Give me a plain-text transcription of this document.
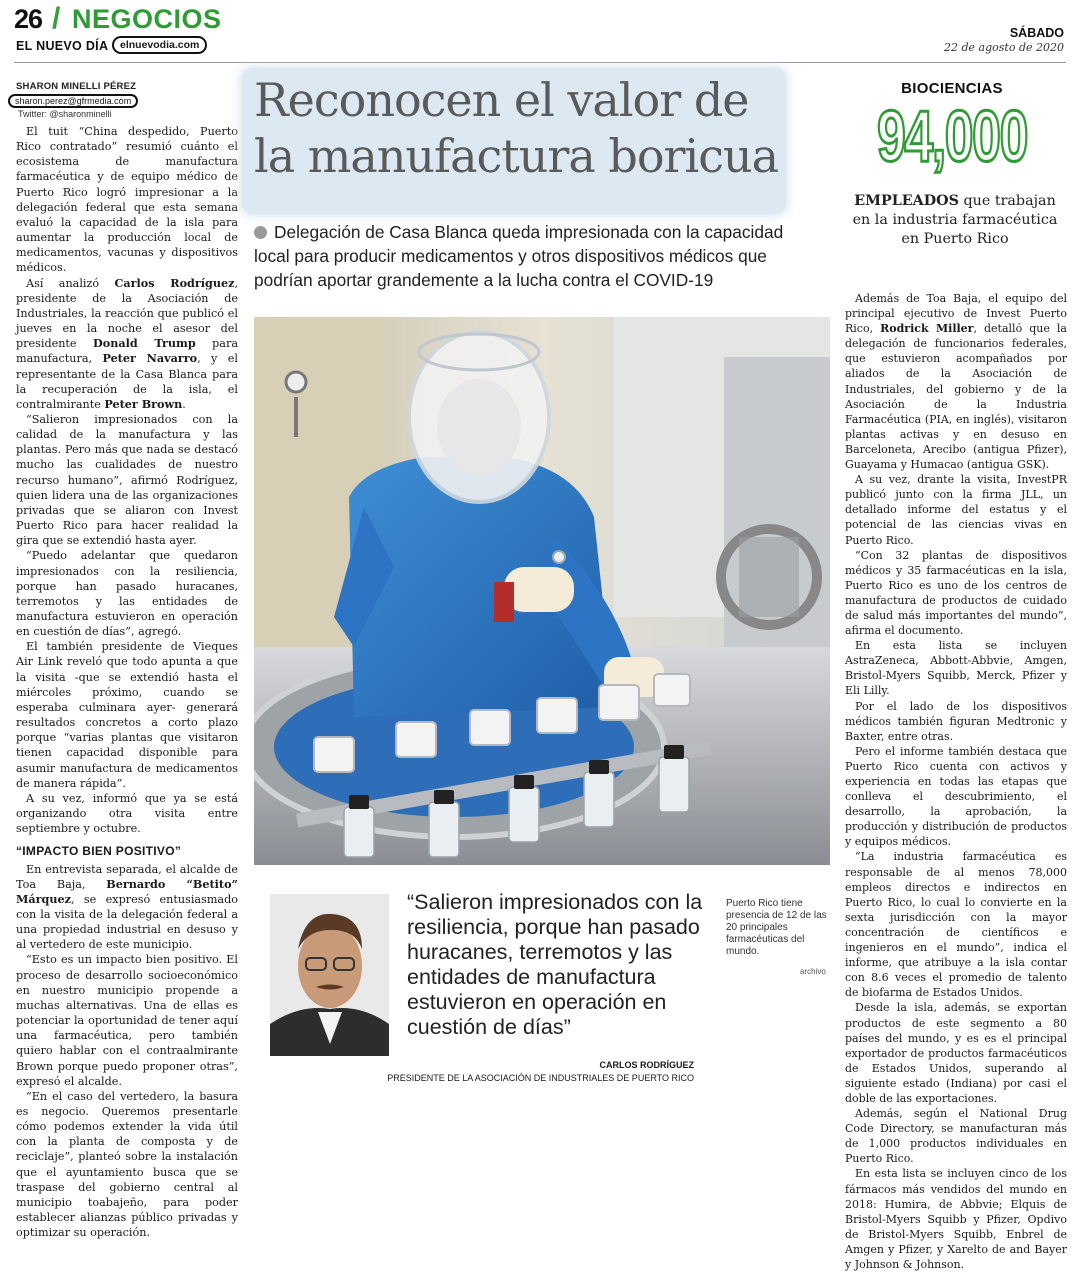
26 / NEGOCIOS
EL NUEVO DÍA	elnuevodia.com
SÁBADO
22 de agosto de 2020
SHARON MINELLI PÉREZ
sharon.perez@gfrmedia.com
Twitter: @sharonminelli

El tuit “China despedido, Puerto Rico contratado” resumió cuánto el ecosistema de manufactura farmacéutica y de equipo médico de Puerto Rico logró impresionar a la delegación federal que esta semana evaluó la capacidad de la isla para aumentar la producción local de medicamentos, vacunas y dispositivos médicos.

Así analizó Carlos Rodríguez, presidente de la Asociación de Industriales, la reacción que publicó el jueves en la noche el asesor del presidente Donald Trump para manufactura, Peter Navarro, y el representante de la Casa Blanca para la recuperación de la isla, el contralmirante Peter Brown.

“Salieron impresionados con la calidad de la manufactura y las plantas. Pero más que nada se destacó mucho las cualidades de nuestro recurso humano”, afirmó Rodríguez, quien lidera una de las organizaciones privadas que se aliaron con Invest Puerto Rico para hacer realidad la gira que se extendió hasta ayer.

“Puedo adelantar que quedaron impresionados con la resiliencia, porque han pasado huracanes, terremotos y las entidades de manufactura estuvieron en operación en cuestión de días”, agregó.

El también presidente de Vieques Air Link reveló que todo apunta a que la visita -que se extendió hasta el miércoles próximo, cuando se esperaba culminara ayer- generará resultados concretos a corto plazo porque “varias plantas que visitaron tienen capacidad disponible para asumir manufactura de medicamentos de manera rápida”.

A su vez, informó que ya se está organizando otra visita entre septiembre y octubre.

“IMPACTO BIEN POSITIVO”

En entrevista separada, el alcalde de Toa Baja, Bernardo “Betito” Márquez, se expresó entusiasmado con la visita de la delegación federal a una propiedad industrial en desuso y al vertedero de este municipio.

“Esto es un impacto bien positivo. El proceso de desarrollo socioeconómico en nuestro municipio propende a muchas alternativas. Una de ellas es potenciar la oportunidad de tener aquí una farmacéutica, pero también quiero hablar con el contraalmirante Brown porque puedo proponer otras”, expresó el alcalde.

“En el caso del vertedero, la basura es negocio. Queremos presentarle cómo podemos extender la vida útil con la planta de composta y de reciclaje”, planteó sobre la instalación que el ayuntamiento busca que se traspase del gobierno central al municipio toabajeño, para poder establecer alianzas público privadas y optimizar su operación.

Reconocen el valor de la manufactura boricua
Delegación de Casa Blanca queda impresionada con la capacidad local para producir medicamentos y otros dispositivos médicos que podrían aportar grandemente a la lucha contra el COVID-19
BIOCIENCIAS
94,000
EMPLEADOS que trabajan en la industria farmacéutica en Puerto Rico
“Salieron impresionados con la resiliencia, porque han pasado huracanes, terremotos y las entidades de manufactura estuvieron en operación en cuestión de días”
CARLOS RODRÍGUEZ
PRESIDENTE DE LA ASOCIACIÓN DE INDUSTRIALES DE PUERTO RICO
Puerto Rico tiene presencia de 12 de las 20 principales farmacéuticas del mundo.
archivo

Además de Toa Baja, el equipo del principal ejecutivo de Invest Puerto Rico, Rodrick Miller, detalló que la delegación de funcionarios federales, que estuvieron acompañados por aliados de la Asociación de Industriales, del gobierno y de la Asociación de la Industria Farmacéutica (PIA, en inglés), visitaron plantas activas y en desuso en Barceloneta, Arecibo (antigua Pfizer), Guayama y Humacao (antigua GSK).

A su vez, drante la visita, InvestPR publicó junto con la firma JLL, un detallado informe del estatus y el potencial de las ciencias vivas en Puerto Rico.

“Con 32 plantas de dispositivos médicos y 35 farmacéuticas en la isla, Puerto Rico es uno de los centros de manufactura de productos de cuidado de salud más importantes del mundo”, afirma el documento.

En esta lista se incluyen AstraZeneca, Abbott-Abbvie, Amgen, Bristol-Myers Squibb, Merck, Pfizer y Eli Lilly.

Por el lado de los dispositivos médicos también figuran Medtronic y Baxter, entre otras.

Pero el informe también destaca que Puerto Rico cuenta con activos y experiencia en todas las etapas que conlleva el descubrimiento, el desarrollo, la aprobación, la producción y distribución de productos y equipos médicos.

“La industria farmacéutica es responsable de al menos 78,000 empleos directos e indirectos en Puerto Rico, lo cual lo convierte en la sexta jurisdicción con la mayor concentración de científicos e ingenieros en el mundo”, indica el informe, que atribuye a la isla contar con 8.6 veces el promedio de talento de biofarma de Estados Unidos.

Desde la isla, además, se exportan productos de este segmento a 80 países del mundo, y es es el principal exportador de productos farmacéuticos de Estados Unidos, superando al siguiente estado (Indiana) por casi el doble de las exportaciones.

Además, según el National Drug Code Directory, se manufacturan más de 1,000 productos individuales en Puerto Rico.

En esta lista se incluyen cinco de los fármacos más vendidos del mundo en 2018: Humira, de Abbvie; Elquis de Bristol-Myers Squibb y Pfizer, Opdivo de Bristol-Myers Squibb, Enbrel de Amgen y Pfizer, y Xarelto de and Bayer y Johnson & Johnson.
